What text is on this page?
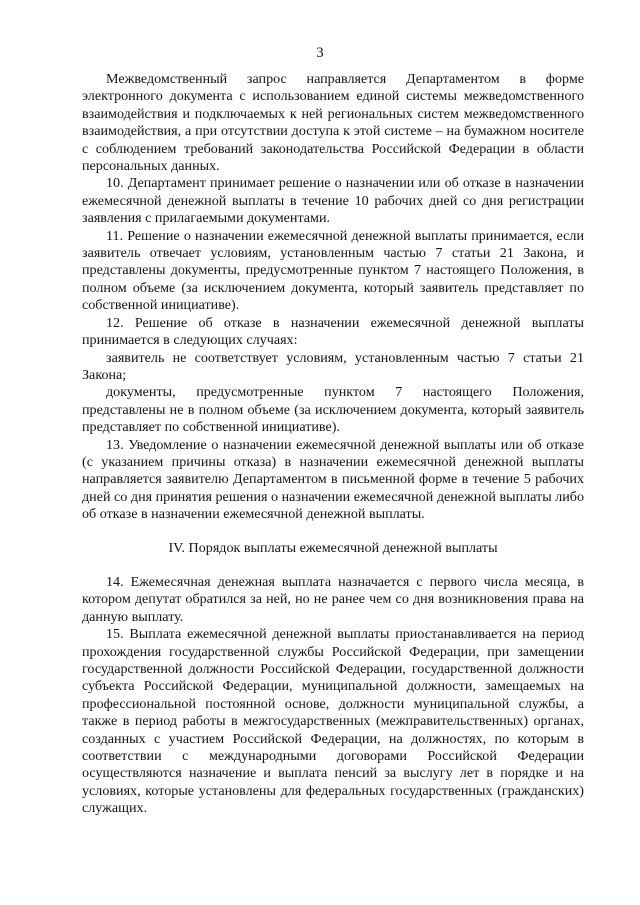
3

Межведомственный запрос направляется Департаментом в форме электронного документа с использованием единой системы межведомственного взаимодействия и подключаемых к ней региональных систем межведомственного взаимодействия, а при отсутствии доступа к этой системе – на бумажном носителе с соблюдением требований законодательства Российской Федерации в области персональных данных.

10. Департамент принимает решение о назначении или об отказе в назначении ежемесячной денежной выплаты в течение 10 рабочих дней со дня регистрации заявления с прилагаемыми документами.

11. Решение о назначении ежемесячной денежной выплаты принимается, если заявитель отвечает условиям, установленным частью 7 статьи 21 Закона, и представлены документы, предусмотренные пунктом 7 настоящего Положения, в полном объеме (за исключением документа, который заявитель представляет по собственной инициативе).

12. Решение об отказе в назначении ежемесячной денежной выплаты принимается в следующих случаях:

заявитель не соответствует условиям, установленным частью 7 статьи 21 Закона;

документы, предусмотренные пунктом 7 настоящего Положения, представлены не в полном объеме (за исключением документа, который заявитель представляет по собственной инициативе).

13. Уведомление о назначении ежемесячной денежной выплаты или об отказе (с указанием причины отказа) в назначении ежемесячной денежной выплаты направляется заявителю Департаментом в письменной форме в течение 5 рабочих дней со дня принятия решения о назначении ежемесячной денежной выплаты либо об отказе в назначении ежемесячной денежной выплаты.

IV. Порядок выплаты ежемесячной денежной выплаты

14. Ежемесячная денежная выплата назначается с первого числа месяца, в котором депутат обратился за ней, но не ранее чем со дня возникновения права на данную выплату.

15. Выплата ежемесячной денежной выплаты приостанавливается на период прохождения государственной службы Российской Федерации, при замещении государственной должности Российской Федерации, государственной должности субъекта Российской Федерации, муниципальной должности, замещаемых на профессиональной постоянной основе, должности муниципальной службы, а также в период работы в межгосударственных (межправительственных) органах, созданных с участием Российской Федерации, на должностях, по которым в соответствии с международными договорами Российской Федерации осуществляются назначение и выплата пенсий за выслугу лет в порядке и на условиях, которые установлены для федеральных государственных (гражданских) служащих.
